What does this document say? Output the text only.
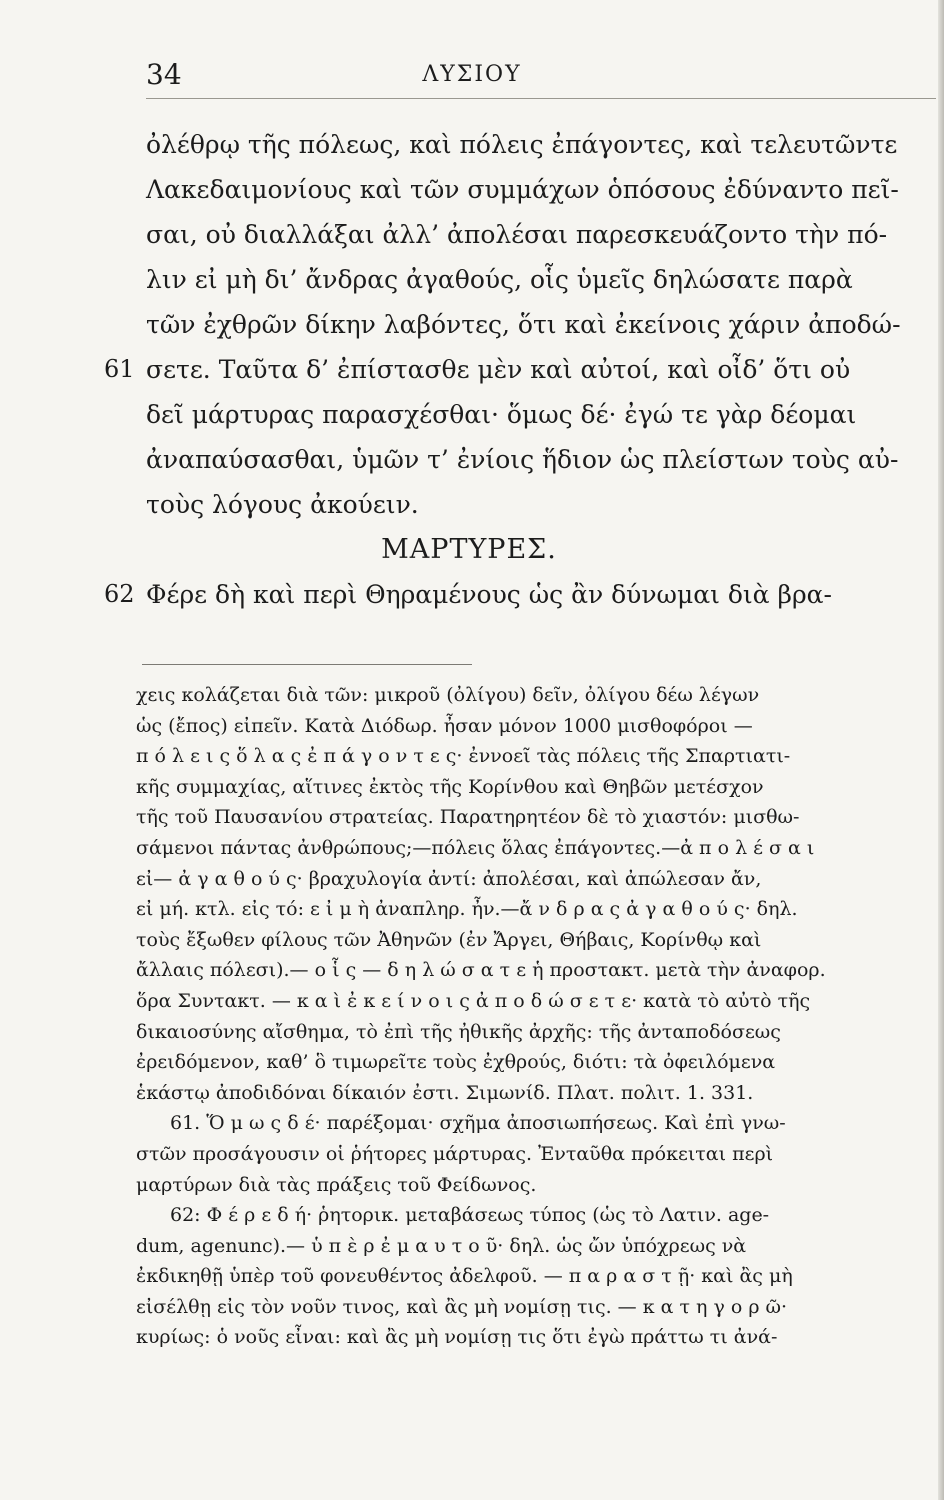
34	ΛΥΣΙΟΥ
ὀλέθρῳ τῆς πόλεως, καὶ πόλεις ἐπάγοντες, καὶ τελευτῶντε
Λακεδαιμονίους καὶ τῶν συμμάχων ὁπόσους ἐδύναντο πεῖ-
σαι, οὐ διαλλάξαι ἀλλ’ ἀπολέσαι παρεσκευάζοντο τὴν πό-
λιν εἰ μὴ δι’ ἄνδρας ἀγαθούς, οἷς ὑμεῖς δηλώσατε παρὰ
τῶν ἐχθρῶν δίκην λαβόντες, ὅτι καὶ ἐκείνοις χάριν ἀποδώ-
61 σετε. Ταῦτα δ’ ἐπίστασθε μὲν καὶ αὐτοί, καὶ οἶδ’ ὅτι οὐ
δεῖ μάρτυρας παρασχέσθαι· ὅμως δέ· ἐγώ τε γὰρ δέομαι
ἀναπαύσασθαι, ὑμῶν τ’ ἐνίοις ἥδιον ὡς πλείστων τοὺς αὐ-
τοὺς λόγους ἀκούειν.
ΜΑΡΤΥΡΕΣ.
62 Φέρε δὴ καὶ περὶ Θηραμένους ὡς ἂν δύνωμαι διὰ βρα-
χεις κολάζεται διὰ τῶν: μικροῦ (ὀλίγου) δεῖν, ὀλίγου δέω λέγων
ὡς (ἔπος) εἰπεῖν. Κατὰ Διόδωρ. ἦσαν μόνον 1000 μισθοφόροι —
π ό λ ε ι ς ὅ λ α ς ἐ π ά γ ο ν τ ε ς· ἐννοεῖ τὰς πόλεις τῆς Σπαρτιατι-
κῆς συμμαχίας, αἵτινες ἐκτὸς τῆς Κορίνθου καὶ Θηβῶν μετέσχον
τῆς τοῦ Παυσανίου στρατείας. Παρατηρητέον δὲ τὸ χιαστόν: μισθω-
σάμενοι πάντας ἀνθρώπους;—πόλεις ὅλας ἐπάγοντες.—ἀ π ο λ έ σ α ι
εἰ— ἀ γ α θ ο ύ ς· βραχυλογία ἀντί: ἀπολέσαι, καὶ ἀπώλεσαν ἄν,
εἰ μή. κτλ. εἰς τό: ε ἰ μ ὴ ἀναπληρ. ἦν.—ἄ ν δ ρ α ς ἀ γ α θ ο ύ ς· δηλ.
τοὺς ἔξωθεν φίλους τῶν Ἀθηνῶν (ἐν Ἄργει, Θήβαις, Κορίνθῳ καὶ
ἄλλαις πόλεσι).— ο ἷ ς — δ η λ ώ σ α τ ε ἡ προστακτ. μετὰ τὴν ἀναφορ.
ὅρα Συντακτ. — κ α ὶ ἐ κ ε ί ν ο ι ς ἀ π ο δ ώ σ ε τ ε· κατὰ τὸ αὐτὸ τῆς
δικαιοσύνης αἴσθημα, τὸ ἐπὶ τῆς ἠθικῆς ἀρχῆς: τῆς ἀνταποδόσεως
ἐρειδόμενον, καθ’ ὃ τιμωρεῖτε τοὺς ἐχθρούς, διότι: τὰ ὀφειλόμενα
ἑκάστῳ ἀποδιδόναι δίκαιόν ἐστι. Σιμωνίδ. Πλατ. πολιτ. 1. 331.
61. Ὅ μ ω ς δ έ· παρέξομαι· σχῆμα ἀποσιωπήσεως. Καὶ ἐπὶ γνω-
στῶν προσάγουσιν οἱ ῥήτορες μάρτυρας. Ἐνταῦθα πρόκειται περὶ
μαρτύρων διὰ τὰς πράξεις τοῦ Φείδωνος.
62: Φ έ ρ ε δ ή· ῥητορικ. μεταβάσεως τύπος (ὡς τὸ Λατιν. age-
dum, agenunc).— ὑ π ὲ ρ ἐ μ α υ τ ο ῦ· δηλ. ὡς ὤν ὑπόχρεως νὰ
ἐκδικηθῇ ὑπὲρ τοῦ φονευθέντος ἀδελφοῦ. — π α ρ α σ τ ῇ· καὶ ἂς μὴ
εἰσέλθῃ εἰς τὸν νοῦν τινος, καὶ ἂς μὴ νομίσῃ τις. — κ α τ η γ ο ρ ῶ·
κυρίως: ὁ νοῦς εἶναι: καὶ ἂς μὴ νομίσῃ τις ὅτι ἐγὼ πράττω τι ἀνά-
